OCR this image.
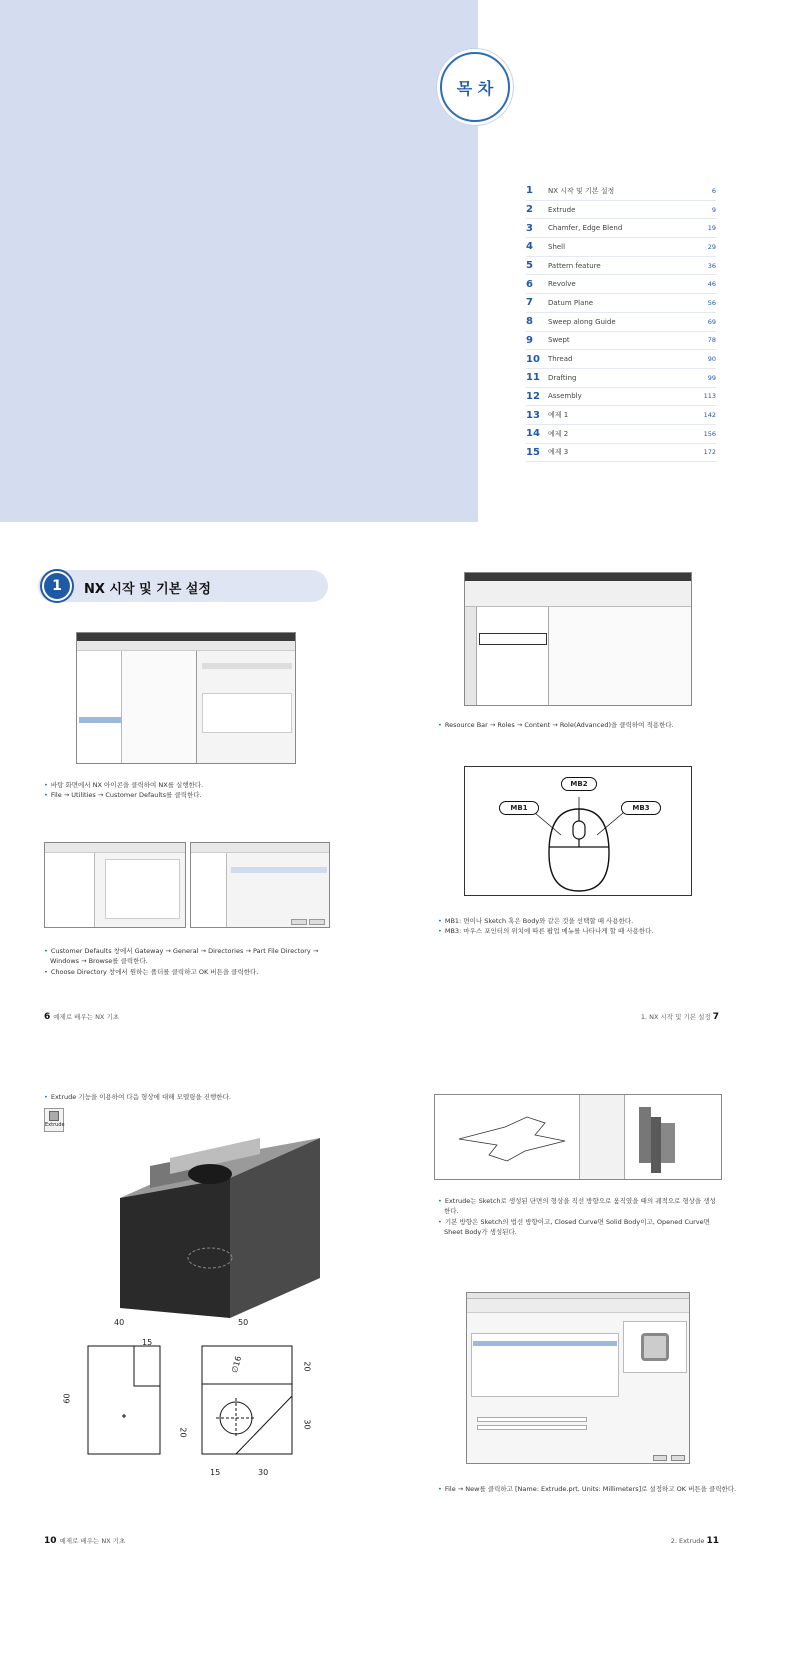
목 차
1	NX 시작 및 기본 설정	6
2	Extrude	9
3	Chamfer, Edge Blend	19
4	Shell	29
5	Pattern feature	36
6	Revolve	46
7	Datum Plane	56
8	Sweep along Guide	69
9	Swept	78
10	Thread	90
11	Drafting	99
12	Assembly	113
13	예제 1	142
14	예제 2	156
15	예제 3	172
1	NX 시작 및 기본 설정
• 바탕 화면에서 NX 아이콘을 클릭하여 NX를 실행한다.
• File → Utilities → Customer Defaults를 클릭한다.
• Customer Defaults 창에서 Gateway → General → Directories → Part File Directory →
Windows → Browse를 클릭한다.
• Choose Directory 창에서 원하는 폴더를 클릭하고 OK 버튼을 클릭한다.
• Resource Bar → Roles → Content → Role(Advanced)을 클릭하여 적용한다.
MB2
MB1	MB3
• MB1: 면이나 Sketch 혹은 Body와 같은 것을 선택할 때 사용한다.
• MB3: 마우스 포인터의 위치에 따른 팝업 메뉴를 나타나게 할 때 사용한다.
6 예제로 배우는 NX 기초	1. NX 시작 및 기본 설정 7
• Extrude 기능을 이용하여 다음 형상에 대해 모델링을 진행한다.
Extrude
40
15
60
50
∅16	20
30
20
15	30
• Extrude는 Sketch로 생성된 단면의 형상을 직선 방향으로 움직였을 때의 궤적으로 형상을 생성
한다.
• 기본 방향은 Sketch의 법선 방향이고, Closed Curve면 Solid Body이고, Opened Curve면
Sheet Body가 생성된다.
• File → New를 클릭하고 [Name: Extrude.prt, Units: Millimeters]로 설정하고 OK 버튼을 클릭한다.
10 예제로 배우는 NX 기초	2. Extrude 11
